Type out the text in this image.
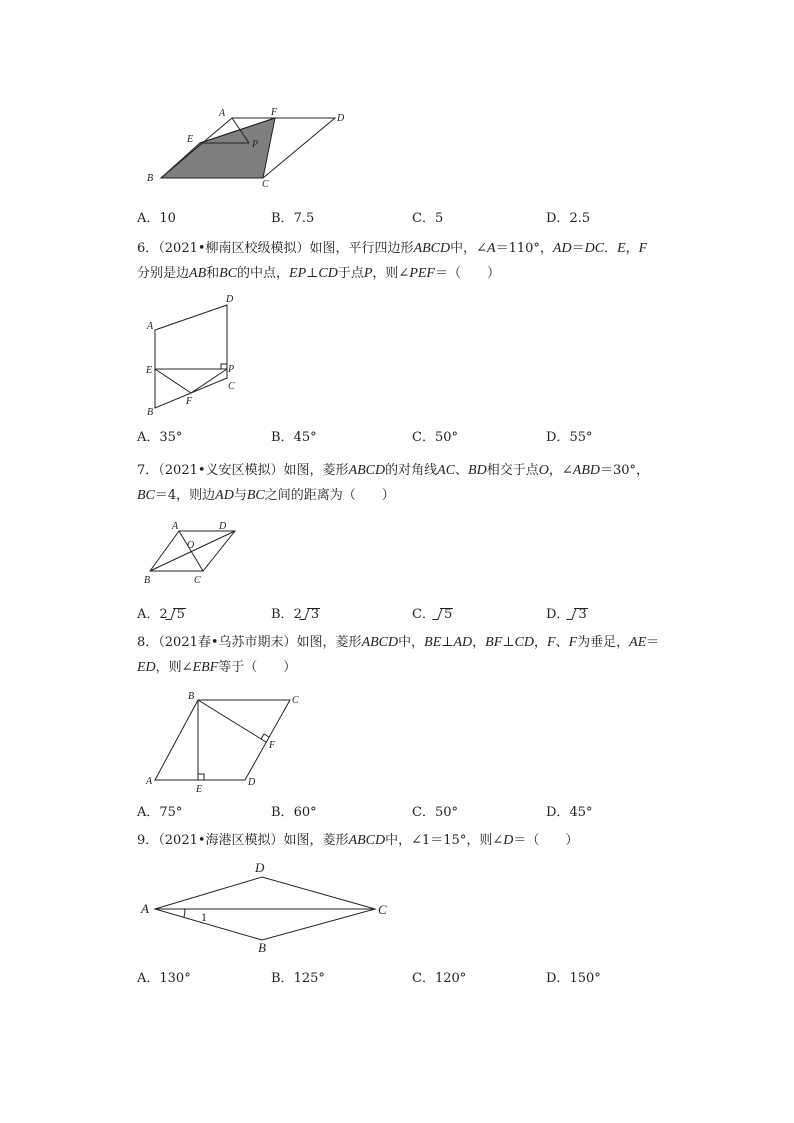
A	F
D
E	P
B
C
A．10	B．7.5	C．5	D．2.5
6．（2021•柳南区校级模拟）如图，平行四边形ABCD中，∠A＝110°，AD＝DC．E，F
分别是边AB和BC的中点，EP⊥CD于点P，则∠PEF＝（　　）
A
D
E	P
C
F
B
A．35°	B．45°	C．50°	D．55°
7．（2021•义安区模拟）如图，菱形ABCD的对角线AC、BD相交于点O，∠ABD＝30°，
BC＝4，则边AD与BC之间的距离为（　　）
A	D
O
B	C
A．2 5	B．2 3	C． 5	D． 3
8．（2021春•乌苏市期末）如图，菱形ABCD中，BE⊥AD，BF⊥CD，F、F为垂足，AE＝
ED，则∠EBF等于（　　）
B	C
F
A
E
D
A．75°	B．60°	C．50°	D．45°
9．（2021•海港区模拟）如图，菱形ABCD中，∠1＝15°，则∠D＝（　　）
D
A	C
B
1
A．130°	B．125°	C．120°	D．150°
